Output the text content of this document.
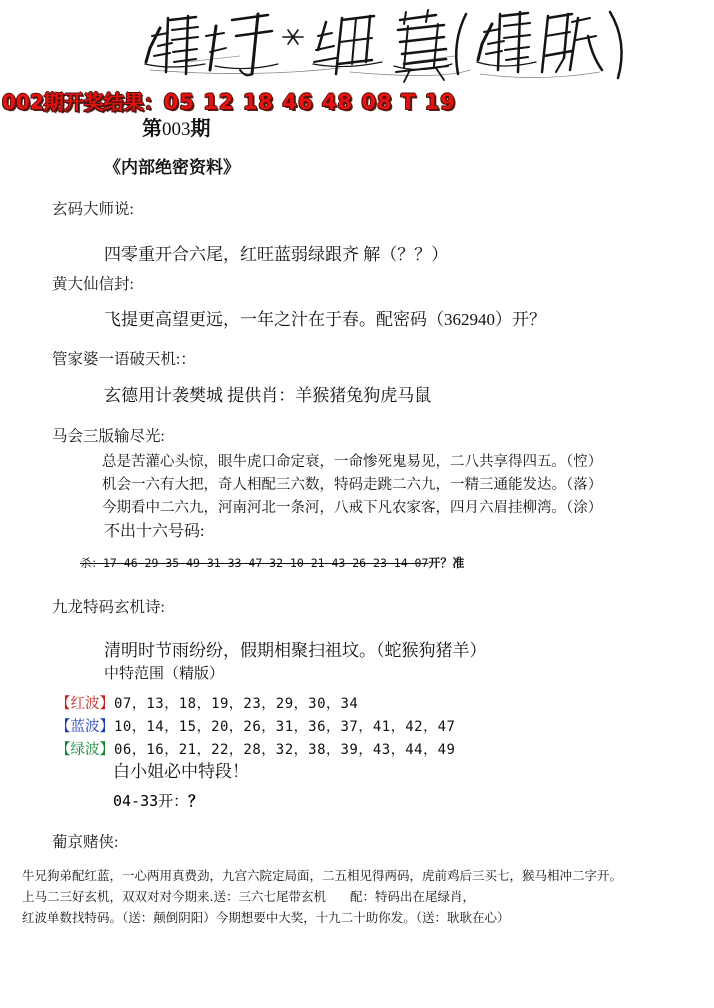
002期开奖结果：05 12 18 46 48 08 T 19
第003期
《内部绝密资料》
玄码大师说:
四零重开合六尾，红旺蓝弱绿跟齐 解（？？）
黄大仙信封:
飞提更高望更远，一年之汁在于春。配密码（362940）开？
管家婆一语破天机:：
玄德用计袭樊城 提供肖：羊猴猪兔狗虎马鼠
马会三版输尽光:
总是苦灌心头惊，眼牛虎口命定衰，一命惨死鬼易见，二八共享得四五。（悾）
机会一六有大把，奇人相配三六数，特码走跳二六九，一精三通能发达。（落）
今期看中二六九，河南河北一条河，八戒下凡农家客，四月六眉挂柳湾。（涂）
不出十六号码:
杀：17 46 29 35 49 31 33 47 32 10 21 43 26 23 14 07开？准
九龙特码玄机诗:
清明时节雨纷纷，假期相聚扫祖坟。（蛇猴狗猪羊）
中特范围（精版）
【红波】07，13，18，19，23，29，30，34
【蓝波】10，14，15，20，26，31，36，37，41，42，47
【绿波】06，16，21，22，28，32，38，39，43，44，49
白小姐必中特段！
04-33开：？
葡京赌侠:
牛兄狗弟配红蓝，一心两用真费劲，九宫六院定局面，二五相见得两码，虎前鸡后三买七，猴马相冲二字开。
上马二三好玄机，双双对对今期来.送：三六七尾带玄机 配：特码出在尾绿肖，
红波单数找特码。（送：颠倒阴阳）今期想要中大奖，十九二十助你发。（送：耿耿在心）
